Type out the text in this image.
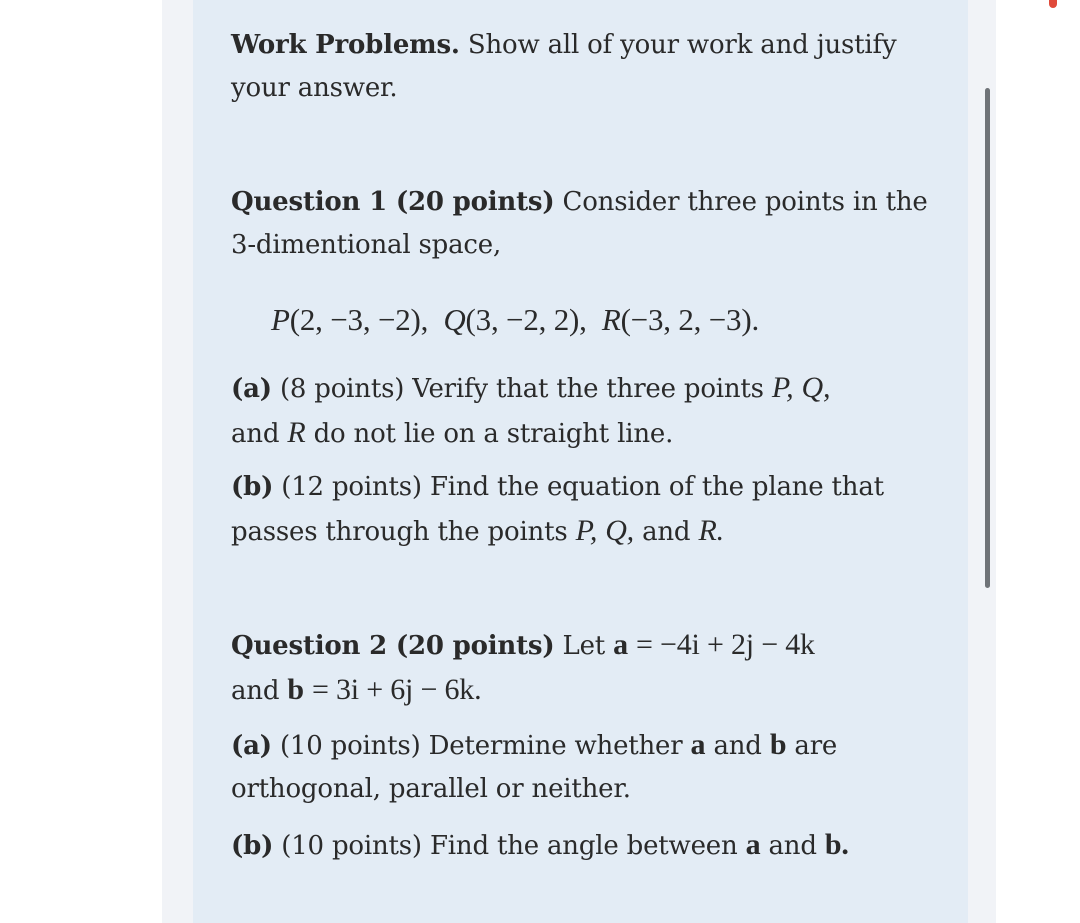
Work Problems. Show all of your work and justify
your answer.

Question 1 (20 points) Consider three points in the
3-dimentional space,

P(2, −3, −2), Q(3, −2, 2), R(−3, 2, −3).

(a) (8 points) Verify that the three points P, Q,
and R do not lie on a straight line.

(b) (12 points) Find the equation of the plane that
passes through the points P, Q, and R.

Question 2 (20 points) Let a = −4i + 2j − 4k
and b = 3i + 6j − 6k.

(a) (10 points) Determine whether a and b are
orthogonal, parallel or neither.

(b) (10 points) Find the angle between a and b.
